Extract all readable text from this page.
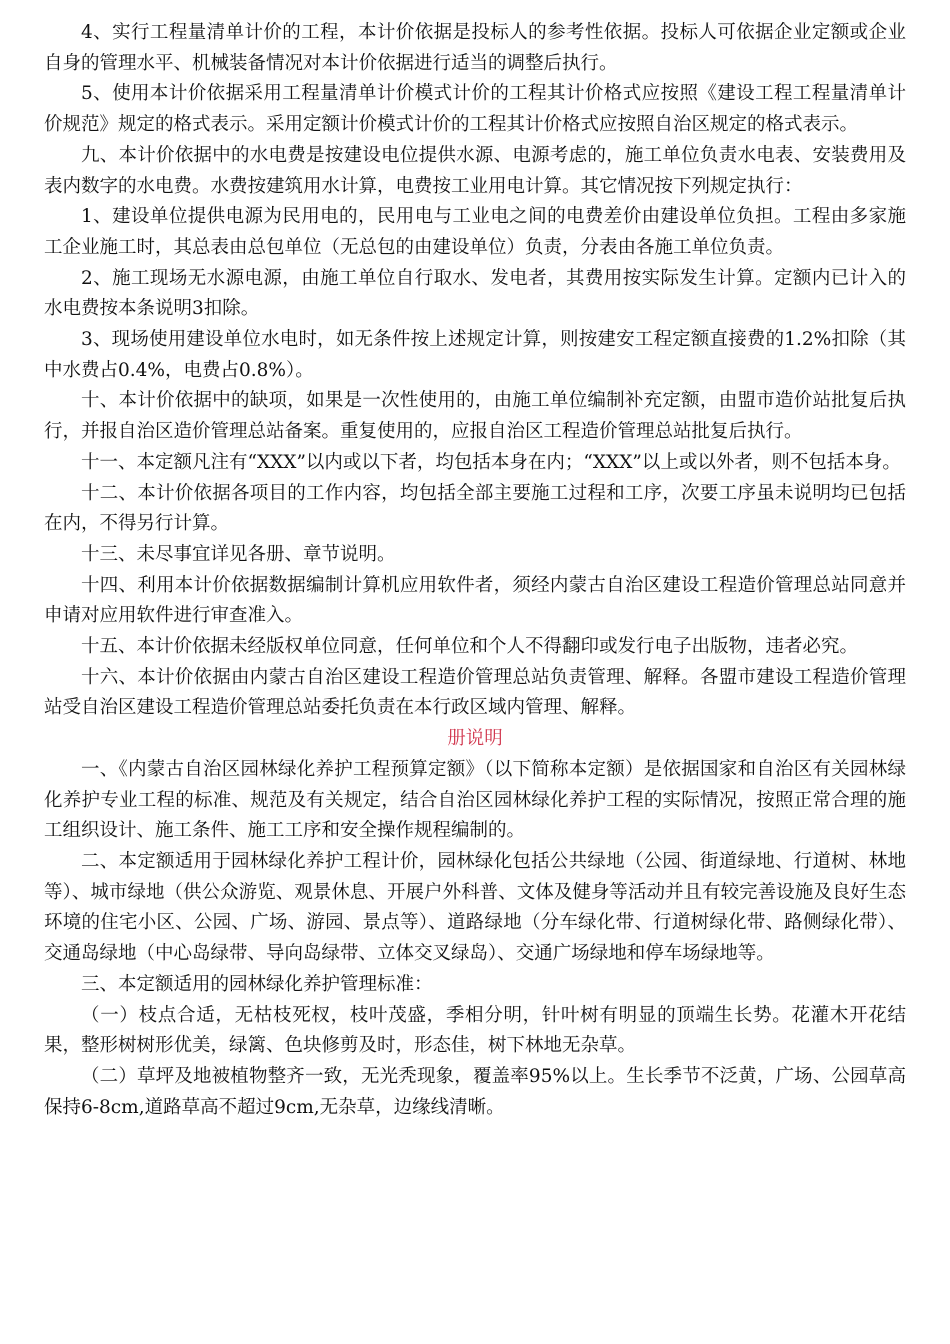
4、实行工程量清单计价的工程，本计价依据是投标人的参考性依据。投标人可依据企业定额或企业自身的管理水平、机械装备情况对本计价依据进行适当的调整后执行。

5、使用本计价依据采用工程量清单计价模式计价的工程其计价格式应按照《建设工程工程量清单计价规范》规定的格式表示。采用定额计价模式计价的工程其计价格式应按照自治区规定的格式表示。

九、本计价依据中的水电费是按建设电位提供水源、电源考虑的，施工单位负责水电表、安装费用及表内数字的水电费。水费按建筑用水计算，电费按工业用电计算。其它情况按下列规定执行：

1、建设单位提供电源为民用电的，民用电与工业电之间的电费差价由建设单位负担。工程由多家施工企业施工时，其总表由总包单位（无总包的由建设单位）负责，分表由各施工单位负责。

2、施工现场无水源电源，由施工单位自行取水、发电者，其费用按实际发生计算。定额内已计入的水电费按本条说明3扣除。

3、现场使用建设单位水电时，如无条件按上述规定计算，则按建安工程定额直接费的1.2%扣除（其中水费占0.4%，电费占0.8%）。

十、本计价依据中的缺项，如果是一次性使用的，由施工单位编制补充定额，由盟市造价站批复后执行，并报自治区造价管理总站备案。重复使用的，应报自治区工程造价管理总站批复后执行。

十一、本定额凡注有“XXX”以内或以下者，均包括本身在内；“XXX”以上或以外者，则不包括本身。

十二、本计价依据各项目的工作内容，均包括全部主要施工过程和工序，次要工序虽未说明均已包括在内，不得另行计算。

十三、未尽事宜详见各册、章节说明。

十四、利用本计价依据数据编制计算机应用软件者，须经内蒙古自治区建设工程造价管理总站同意并申请对应用软件进行审查准入。

十五、本计价依据未经版权单位同意，任何单位和个人不得翻印或发行电子出版物，违者必究。

十六、本计价依据由内蒙古自治区建设工程造价管理总站负责管理、解释。各盟市建设工程造价管理站受自治区建设工程造价管理总站委托负责在本行政区域内管理、解释。

册说明

一、《内蒙古自治区园林绿化养护工程预算定额》（以下简称本定额）是依据国家和自治区有关园林绿化养护专业工程的标准、规范及有关规定，结合自治区园林绿化养护工程的实际情况，按照正常合理的施工组织设计、施工条件、施工工序和安全操作规程编制的。

二、本定额适用于园林绿化养护工程计价，园林绿化包括公共绿地（公园、街道绿地、行道树、林地等）、城市绿地（供公众游览、观景休息、开展户外科普、文体及健身等活动并且有较完善设施及良好生态环境的住宅小区、公园、广场、游园、景点等）、道路绿地（分车绿化带、行道树绿化带、路侧绿化带）、交通岛绿地（中心岛绿带、导向岛绿带、立体交叉绿岛）、交通广场绿地和停车场绿地等。

三、本定额适用的园林绿化养护管理标准：

（一）枝点合适，无枯枝死杈，枝叶茂盛，季相分明，针叶树有明显的顶端生长势。花灌木开花结果，整形树树形优美，绿篱、色块修剪及时，形态佳，树下林地无杂草。

（二）草坪及地被植物整齐一致，无光秃现象，覆盖率95%以上。生长季节不泛黄，广场、公园草高保持6-8cm,道路草高不超过9cm,无杂草，边缘线清晰。
